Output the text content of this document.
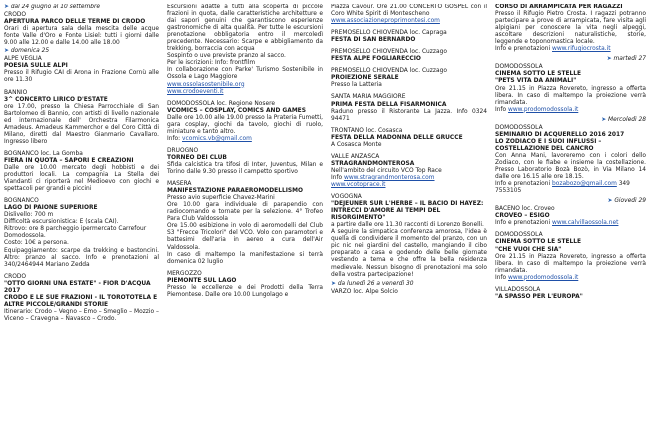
➤ dal 24 giugno al 10 settembre
CRODO
APERTURA PARCO DELLE TERME DI CRODO
Orari di apertura sala della mescita delle acque fonte Valle d'Oro e Fonte Lisiel: tutti i giorni dalle 9.00 alle 12.00 e dalle 14.00 alle 18.00
➤ domenica 25
ALPE VEGLIA
POESIA SULLE ALPI
Presso il Rifugio CAI di Arona in Frazione Cornù alle ore 11.30
BANNIO
3^ CONCERTO LIRICO D'ESTATE
ore 17.00, presso la Chiesa Parrocchiale di San Bartolomeo di Bannio, con artisti di livello nazionale ed internazionale dell' Orchestra Filarmonica Amadeus. Amadeus Kammerchor e del Coro Città di Milano, diretti dal Maestro Gianmario Cavallaro. Ingresso libero
BOGNANCO loc. La Gomba
FIERA IN QUOTA – SAPORI E CREAZIONI
Dalle ore 10.00 mercato degli hobbisti e dei produttori locali. La compagnia La Stella dei Viandanti ci riporterà nel Medioevo con giochi e spettacoli per grandi e piccini
BOGNANCO
LAGO DI PAIONE SUPERIORE
Dislivello: 700 m
Difficoltà escursionistica: E (scala CAI).
Ritrovo: ore 8 parcheggio ipermercato Carrefour Domodossola.
Costo: 10€ a persona.
Equipaggiamento: scarpe da trekking e bastoncini. Altro: pranzo al sacco. Info e prenotazioni al 340/2464944 Mariano Zedda
CRODO
"OTTO GIORNI UNA ESTATE" - FIOR D'ACQUA 2017
CRODO E LE SUE FRAZIONI - IL TOROTOTELA E ALTRE PICCOLE/GRANDI STORIE
Itinerario: Crodo – Vegno – Emo – Smeglio – Mozzio – Viceno – Cravegna – Navasco – Crodo.
Escursioni adatte a tutti alla scoperta di piccole frazioni in quota, dalle caratteristiche architetture e dai sapori genuini che garantiscono esperienze gastronomiche di alta qualità. Per tutte le escursioni prenotazione obbligatoria entro il mercoledì precedente. Necessario: Scarpe e abbigliamento da trekking, borraccia con acqua
Sospinto o uve previste pranzo al sacco.
Per le iscrizioni: Info: frontfilm
In collaborazione con Parke' Turismo Sostenibile in Ossola e Lago Maggiore
www.ossolasostenibile.org
www.crodoeventi.it
DOMODOSSOLA loc. Regione Nosere
VCOMICS – COSPLAY, COMICS AND GAMES
Dalle ore 10.00 alle 19.00 presso la Prateria Fumetti, gara cosplay, giochi da tavolo, giochi di ruolo, miniature e tanto altro.
Info: vcomics.vb@gmail.com
DRUOGNO
TORNEO DEI CLUB
Sfida calcistica tra tifosi di Inter, Juventus, Milan e Torino dalle 9.30 presso il campetto sportivo
MASERA
MANIFESTAZIONE PARAEROMODELLISMO
Presso avio superficie Chavez-Marini
Ore 10.00 gara individuale di parapendio con radiocomando e tornate per la selezione. 4° Trofeo Para Club Valdossola
Ore 15.00 esibizione in volo di aeromodelli del Club S3 "Frecce Tricolori" del VCO. Volo con paramotori e battesimi dell'aria in aereo a cura dell'Air Valdossola.
In caso di maltempo la manifestazione si terrà domenica 02 luglio
MERGOZZO
PIEMONTE SUL LAGO
Presso le eccellenze e dei Prodotti della Terra Piemontese. Dalle ore 10.00 Lungolago e
Piazza Cavour. Ore 21.00 CONCERTO GOSPEL con il Coro White Spirit di Montescheno
www.associazioneproprimontesi.com
PREMOSELLO CHIOVENDA loc. Capraga
FESTA DI SAN BERNARDO
PREMOSELLO CHIOVENDA loc. Cuzzago
FESTA ALPE FOGLIARECCIO
PREMOSELLO CHIOVENDA loc. Cuzzago
PROIEZIONE SERALE
Presso la Latteria
SANTA MARIA MAGGIORE
PRIMA FESTA DELLA FISARMONICA
Raduno presso il Ristorante La Jazza. Info 0324 94471
TRONTANO loc. Cosasca
FESTA DELLA MADONNA DELLE GRUCCE
A Cosasca Monte
VALLE ANZASCA
STRAGRANDMONTEROSA
Nell'ambito del circuito VCO Top Race
Info www.stragrandmonterosa.com
www.vcotoprace.it
VOGOGNA
"DEJEUNER SUR L'HERBE – IL BACIO DI HAYEZ: INTRECCI D'AMORE AI TEMPI DEL RISORGIMENTO"
a partire dalle ore 11.30 racconti di Lorenzo Bonelli.
A seguire la simpatica conferenza amorosa, l'idea è quella di condividere il momento del pranzo, con un pic nic nei giardini del castello, mangiando il cibo preparato a casa e godendo delle belle giornate vestendo a tema e che offre la bella residenza medievale. Nessun bisogno di prenotazioni ma solo della vostra partecipazione!
➤ da lunedì 26 a venerdì 30
VARZO loc. Alpe Solcio
CORSO DI ARRAMPICATA PER RAGAZZI
Presso il Rifugio Pietro Crosta. I ragazzi potranno partecipare a prove di arrampicata, fare visita agli alpigiani per conoscere la vita negli alpeggi, ascoltare descrizioni naturalistiche, storie, leggende e toponomastica locale.
Info e prenotazioni www.rifugiocrosta.it
➤ martedì 27
DOMODOSSOLA
CINEMA SOTTO LE STELLE
"PETS VITA DA ANIMALI"
Ore 21.15 in Piazza Rovereto, ingresso a offerta libera. In caso di maltempo la proiezione verrà rimandata.
Info www.prodomodossola.it
➤ Mercoledì 28
DOMODOSSOLA
SEMINARIO DI ACQUERELLO 2016 2017
LO ZODIACO E I SUOI INFLUSSI – COSTELLAZIONE DEL CANCRO
Con Anna Mani, lavoreremo con i colori dello Zodiaco, con le fiabe e insieme la costellazione. Presso Laboratorio Bozà Bozò, in Via Milano 14 dalle ore 16.15 alle ore 18.15.
Info e prenotazioni bozabozo@gmail.com 349 7553105
➤ Giovedì 29
BACENO loc. Croveo
CROVEO – ESIGO
Info e prenotazioni www.calvillaossola.net
DOMODOSSOLA
CINEMA SOTTO LE STELLE
"CHE VUOI CHE SIA"
Ore 21.15 in Piazza Rovereto, ingresso a offerta libera. In caso di maltempo la proiezione verrà rimandata.
Info www.prodomodossola.it
VILLADOSSOLA
"A SPASSO PER L'EUROPA"
